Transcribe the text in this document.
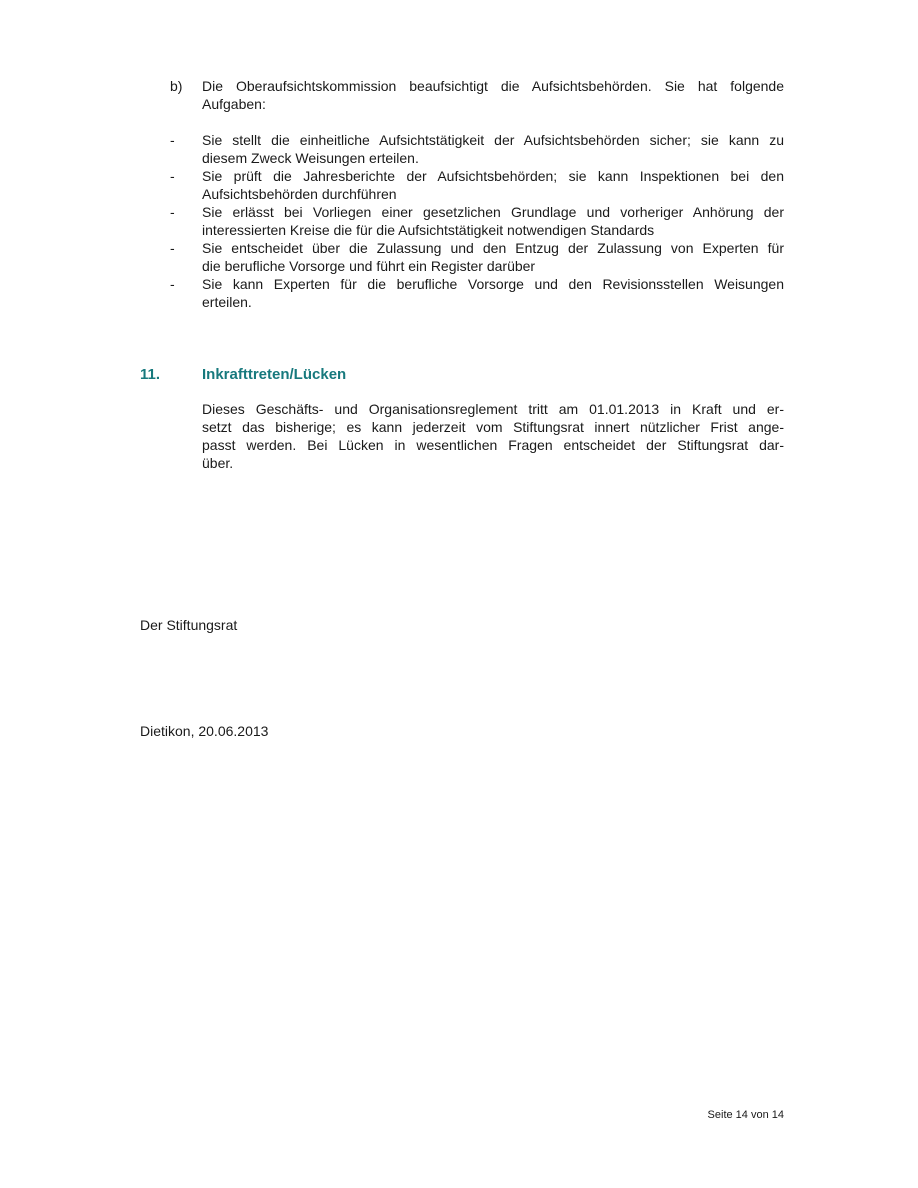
b) Die Oberaufsichtskommission beaufsichtigt die Aufsichtsbehörden. Sie hat folgende
Aufgaben:
- Sie stellt die einheitliche Aufsichtstätigkeit der Aufsichtsbehörden sicher; sie kann zu
diesem Zweck Weisungen erteilen.
- Sie prüft die Jahresberichte der Aufsichtsbehörden; sie kann Inspektionen bei den
Aufsichtsbehörden durchführen
- Sie erlässt bei Vorliegen einer gesetzlichen Grundlage und vorheriger Anhörung der
interessierten Kreise die für die Aufsichtstätigkeit notwendigen Standards
- Sie entscheidet über die Zulassung und den Entzug der Zulassung von Experten für
die berufliche Vorsorge und führt ein Register darüber
- Sie kann Experten für die berufliche Vorsorge und den Revisionsstellen Weisungen
erteilen.
11.	Inkrafttreten/Lücken
Dieses Geschäfts- und Organisationsreglement tritt am 01.01.2013 in Kraft und er-
setzt das bisherige; es kann jederzeit vom Stiftungsrat innert nützlicher Frist ange-
passt werden. Bei Lücken in wesentlichen Fragen entscheidet der Stiftungsrat dar-
über.
Der Stiftungsrat
Dietikon, 20.06.2013
Seite 14 von 14
